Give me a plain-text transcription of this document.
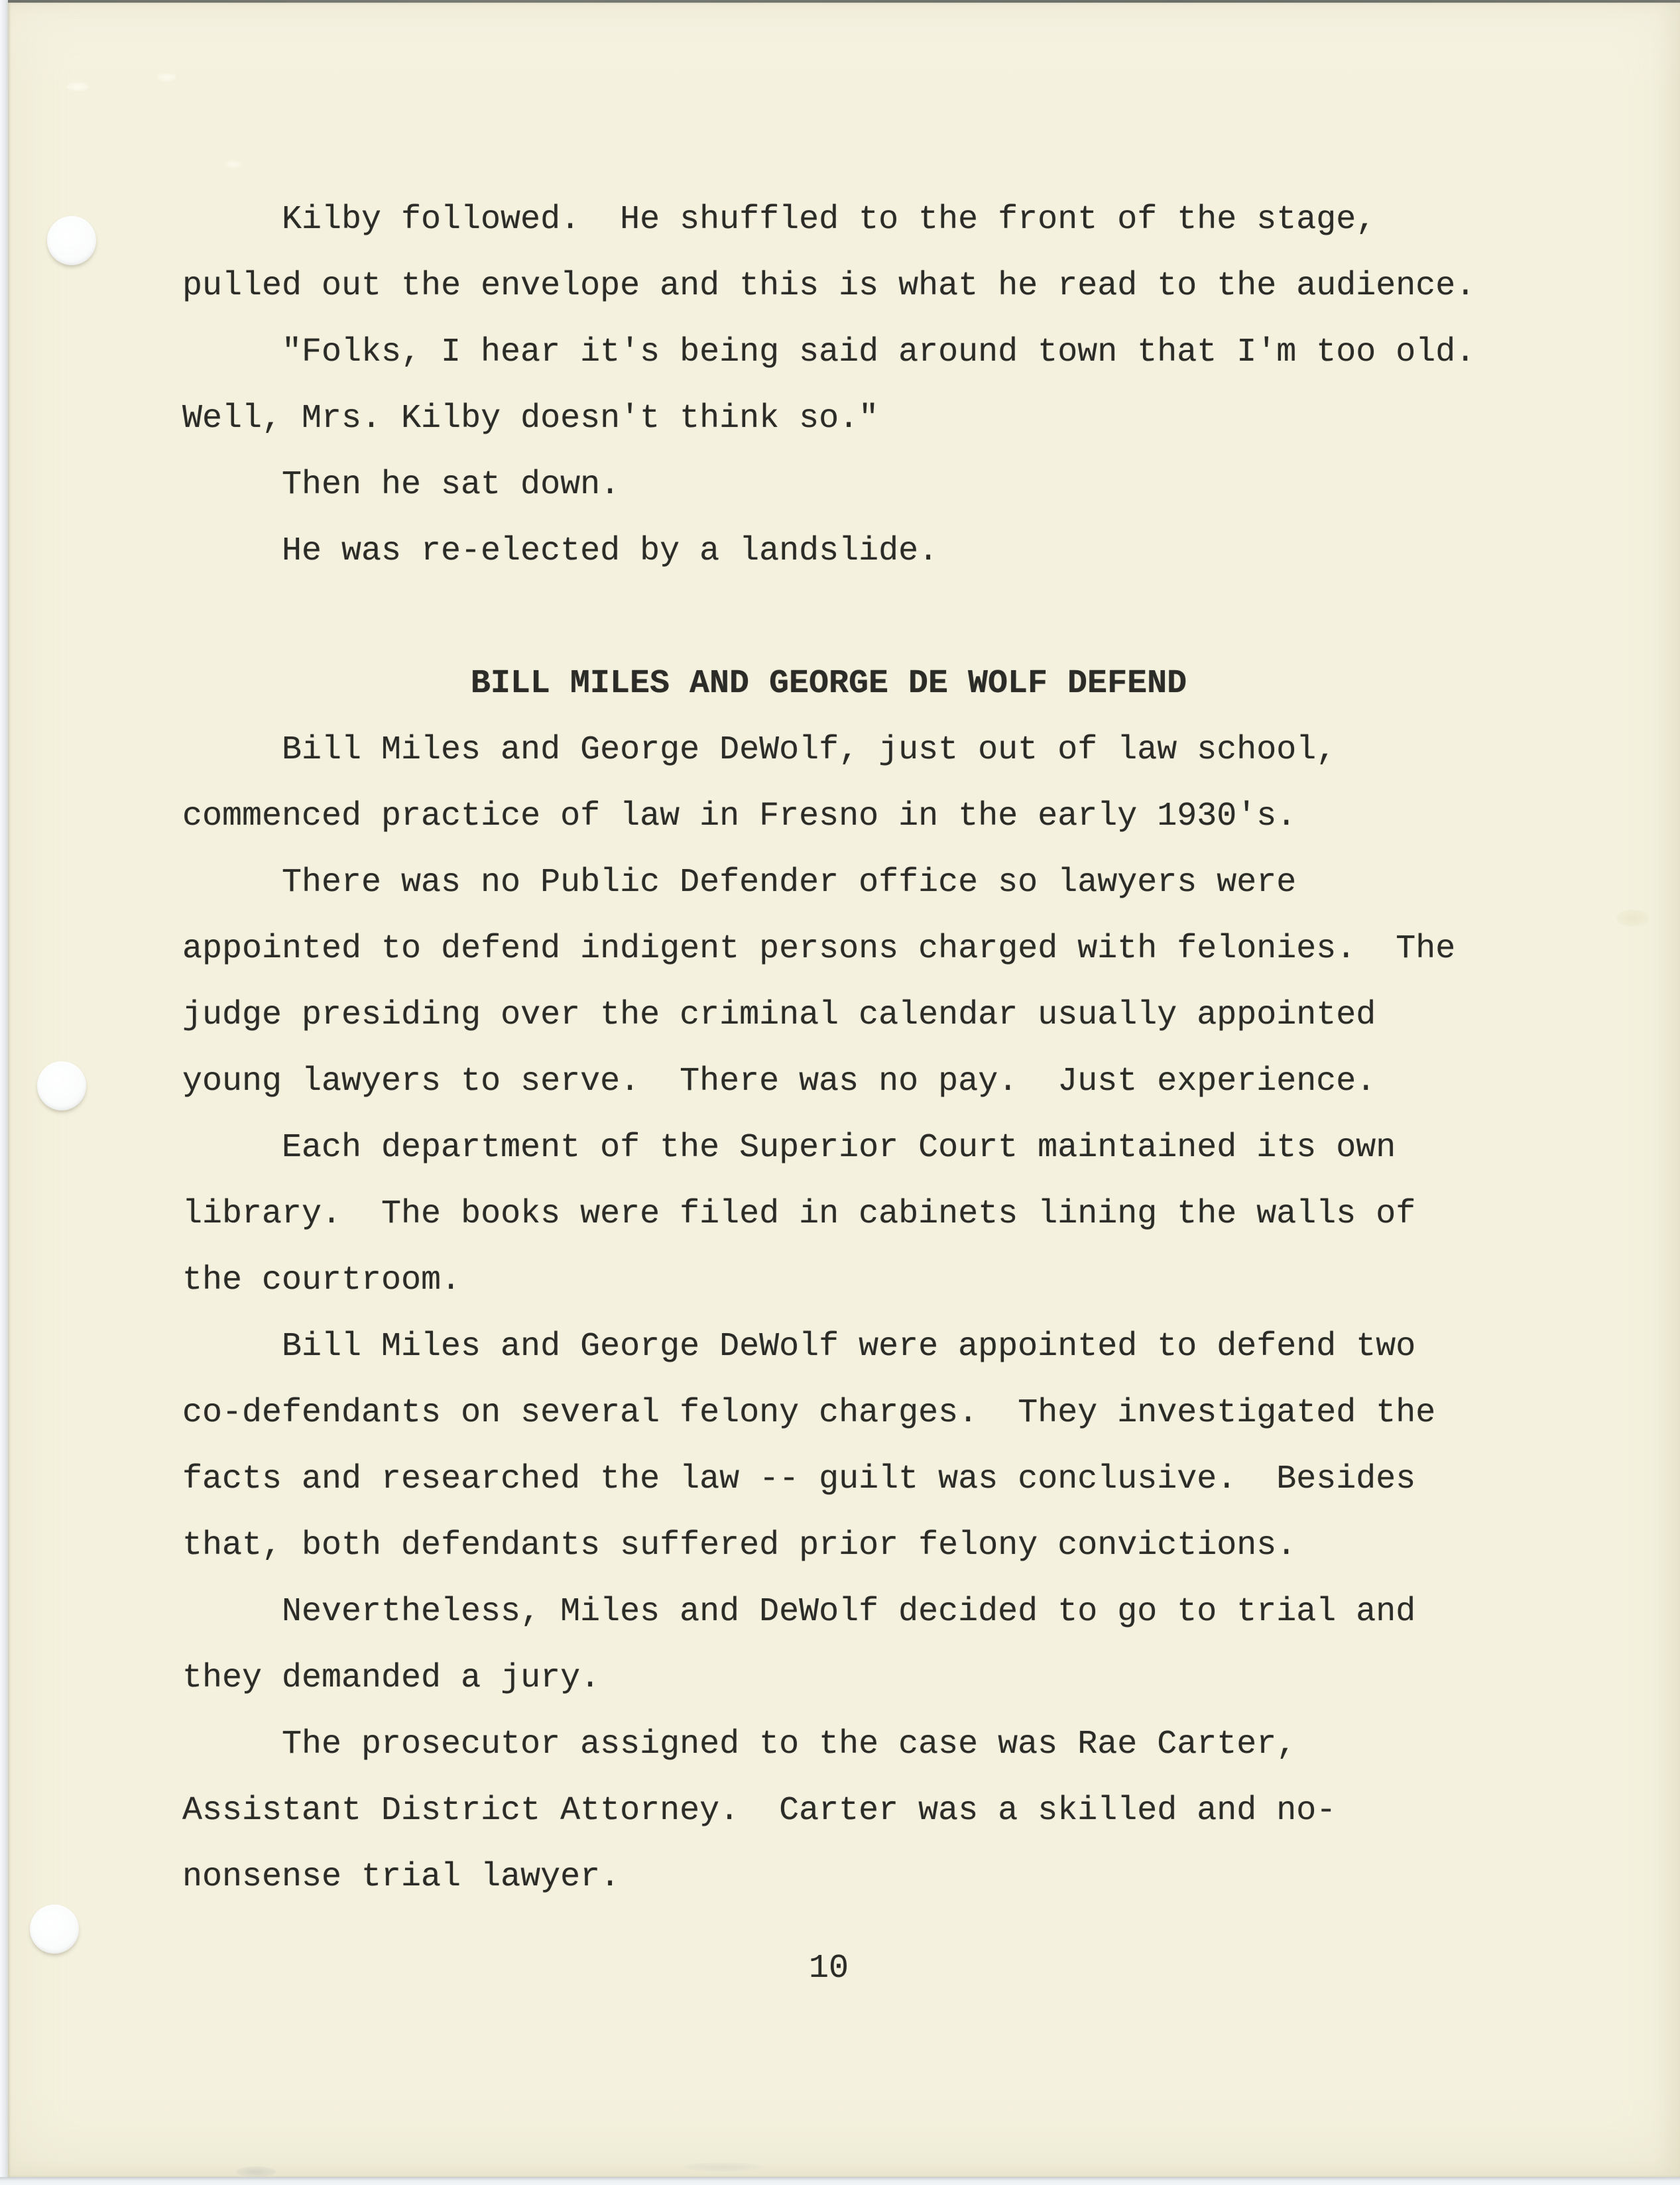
Kilby followed.  He shuffled to the front of the stage,
pulled out the envelope and this is what he read to the audience.
"Folks, I hear it's being said around town that I'm too old.
Well, Mrs. Kilby doesn't think so."
Then he sat down.
He was re-elected by a landslide.
BILL MILES AND GEORGE DE WOLF DEFEND
Bill Miles and George DeWolf, just out of law school,
commenced practice of law in Fresno in the early 1930's.
There was no Public Defender office so lawyers were
appointed to defend indigent persons charged with felonies.  The
judge presiding over the criminal calendar usually appointed
young lawyers to serve.  There was no pay.  Just experience.
Each department of the Superior Court maintained its own
library.  The books were filed in cabinets lining the walls of
the courtroom.
Bill Miles and George DeWolf were appointed to defend two
co-defendants on several felony charges.  They investigated the
facts and researched the law -- guilt was conclusive.  Besides
that, both defendants suffered prior felony convictions.
Nevertheless, Miles and DeWolf decided to go to trial and
they demanded a jury.
The prosecutor assigned to the case was Rae Carter,
Assistant District Attorney.  Carter was a skilled and no-
nonsense trial lawyer.
10
